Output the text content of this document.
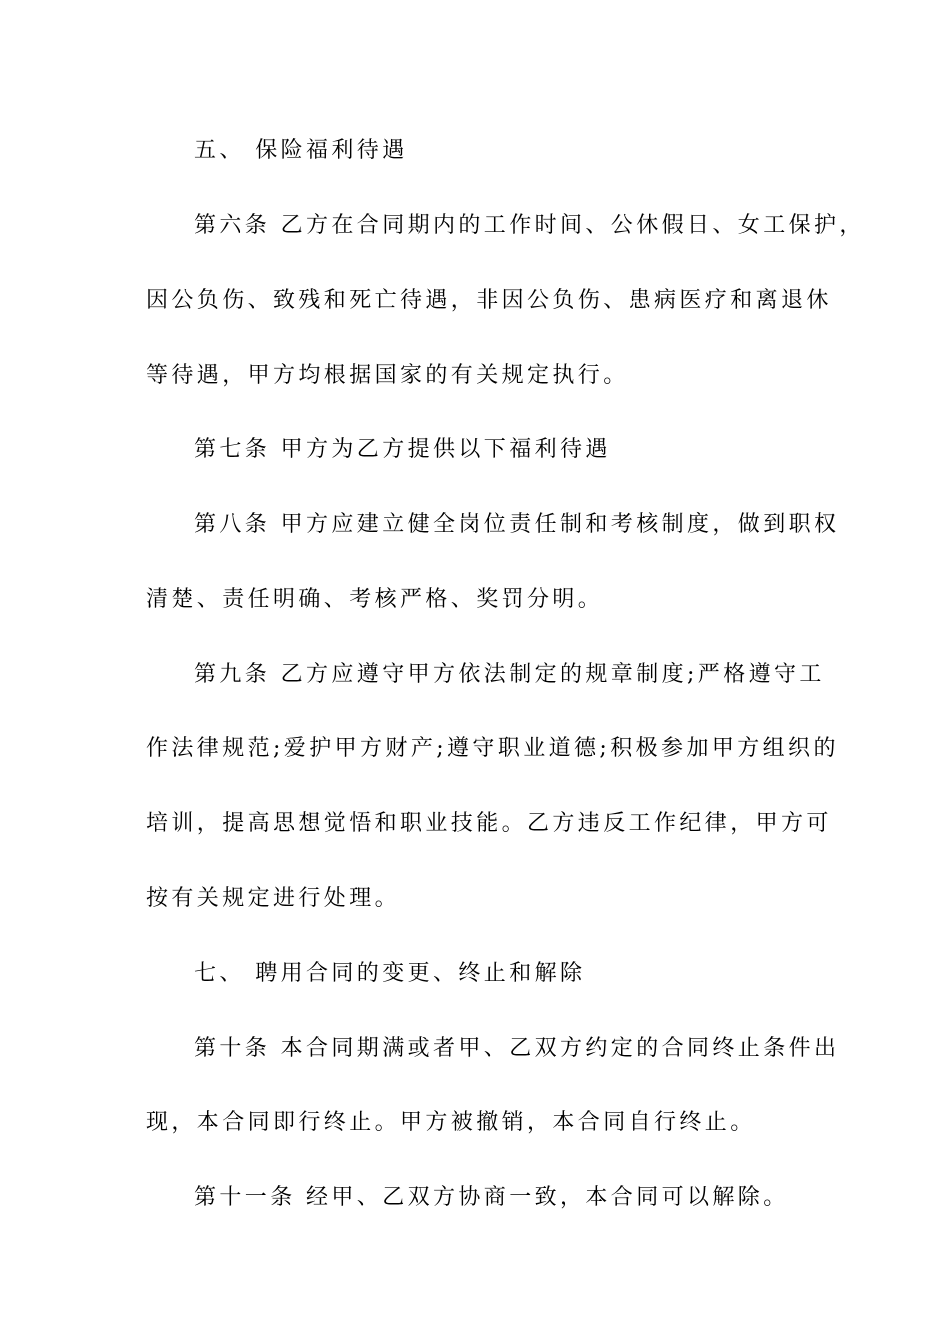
五、 保险福利待遇
第六条 乙方在合同期内的工作时间、公休假日、女工保护，
因公负伤、致残和死亡待遇，非因公负伤、患病医疗和离退休
等待遇，甲方均根据国家的有关规定执行。
第七条 甲方为乙方提供以下福利待遇
第八条 甲方应建立健全岗位责任制和考核制度，做到职权
清楚、责任明确、考核严格、奖罚分明。
第九条 乙方应遵守甲方依法制定的规章制度;严格遵守工
作法律规范;爱护甲方财产;遵守职业道德;积极参加甲方组织的
培训，提高思想觉悟和职业技能。乙方违反工作纪律，甲方可
按有关规定进行处理。
七、 聘用合同的变更、终止和解除
第十条 本合同期满或者甲、乙双方约定的合同终止条件出
现，本合同即行终止。甲方被撤销，本合同自行终止。
第十一条 经甲、乙双方协商一致，本合同可以解除。
